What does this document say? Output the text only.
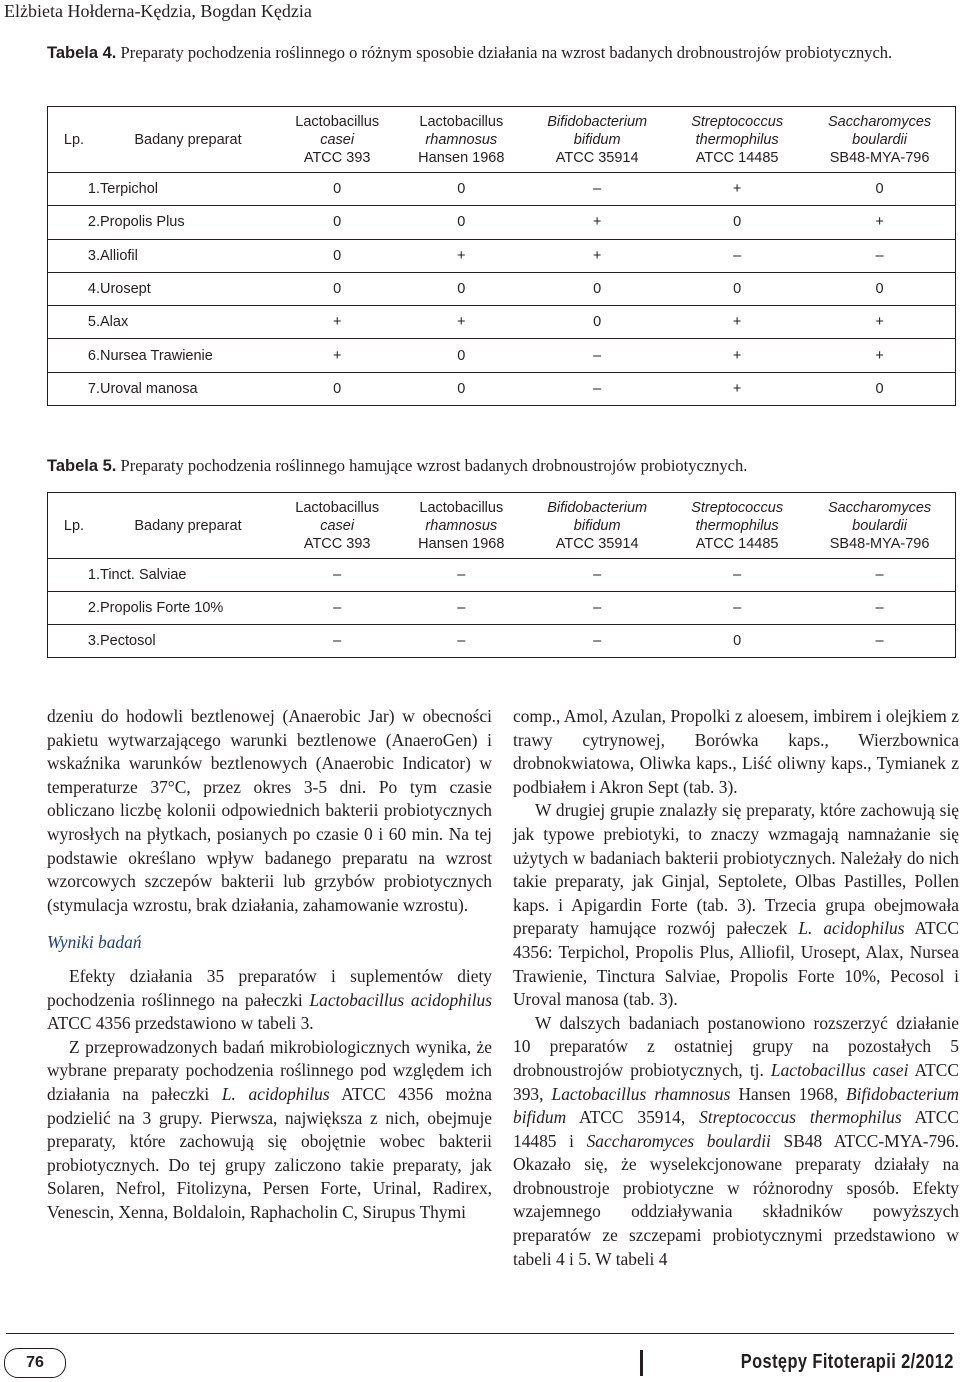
Elżbieta Hołderna-Kędzia, Bogdan Kędzia
Tabela 4. Preparaty pochodzenia roślinnego o różnym sposobie działania na wzrost badanych drobnoustrojów probiotycznych.
Lp.	Badany preparat	Lactobacillus
casei
ATCC 393	Lactobacillus
rhamnosus
Hansen 1968	Bifidobacterium
bifidum
ATCC 35914	Streptococcus
thermophilus
ATCC 14485	Saccharomyces
boulardii
SB48-MYA-796
1.	Terpichol	0	0	–	+	0
2.	Propolis Plus	0	0	+	0	+
3.	Alliofil	0	+	+	–	–
4.	Urosept	0	0	0	0	0
5.	Alax	+	+	0	+	+
6.	Nursea Trawienie	+	0	–	+	+
7.	Uroval manosa	0	0	–	+	0
Tabela 5. Preparaty pochodzenia roślinnego hamujące wzrost badanych drobnoustrojów probiotycznych.
Lp.	Badany preparat	Lactobacillus
casei
ATCC 393	Lactobacillus
rhamnosus
Hansen 1968	Bifidobacterium
bifidum
ATCC 35914	Streptococcus
thermophilus
ATCC 14485	Saccharomyces
boulardii
SB48-MYA-796
1.	Tinct. Salviae	–	–	–	–	–
2.	Propolis Forte 10%	–	–	–	–	–
3.	Pectosol	–	–	–	0	–

dzeniu do hodowli beztlenowej (Anaerobic Jar) w obecności pakietu wytwarzającego warunki beztlenowe (AnaeroGen) i wskaźnika warunków beztlenowych (Anaerobic Indicator) w temperaturze 37°C, przez okres 3-5 dni. Po tym czasie obliczano liczbę kolonii odpowiednich bakterii probiotycznych wyrosłych na płytkach, posianych po czasie 0 i 60 min. Na tej podstawie określano wpływ badanego preparatu na wzrost wzorcowych szczepów bakterii lub grzybów probiotycznych (stymulacja wzrostu, brak działania, zahamowanie wzrostu).

Wyniki badań

Efekty działania 35 preparatów i suplementów diety pochodzenia roślinnego na pałeczki Lactobacillus acidophilus ATCC 4356 przedstawiono w tabeli 3.

Z przeprowadzonych badań mikrobiologicznych wynika, że wybrane preparaty pochodzenia roślinnego pod względem ich działania na pałeczki L. acidophilus ATCC 4356 można podzielić na 3 grupy. Pierwsza, największa z nich, obejmuje preparaty, które zachowują się obojętnie wobec bakterii probiotycznych. Do tej grupy zaliczono takie preparaty, jak Solaren, Nefrol, Fitolizyna, Persen Forte, Urinal, Radirex, Venescin, Xenna, Boldaloin, Raphacholin C, Sirupus Thymi

comp., Amol, Azulan, Propolki z aloesem, imbirem i olejkiem z trawy cytrynowej, Borówka kaps., Wierzbownica drobnokwiatowa, Oliwka kaps., Liść oliwny kaps., Tymianek z podbiałem i Akron Sept (tab. 3).

W drugiej grupie znalazły się preparaty, które zachowują się jak typowe prebiotyki, to znaczy wzmagają namnażanie się użytych w badaniach bakterii probiotycznych. Należały do nich takie preparaty, jak Ginjal, Septolete, Olbas Pastilles, Pollen kaps. i Apigardin Forte (tab. 3). Trzecia grupa obejmowała preparaty hamujące rozwój pałeczek L. acidophilus ATCC 4356: Terpichol, Propolis Plus, Alliofil, Urosept, Alax, Nursea Trawienie, Tinctura Salviae, Propolis Forte 10%, Pecosol i Uroval manosa (tab. 3).

W dalszych badaniach postanowiono rozszerzyć działanie 10 preparatów z ostatniej grupy na pozostałych 5 drobnoustrojów probiotycznych, tj. Lactobacillus casei ATCC 393, Lactobacillus rhamnosus Hansen 1968, Bifidobacterium bifidum ATCC 35914, Streptococcus thermophilus ATCC 14485 i Saccharomyces boulardii SB48 ATCC-MYA-796. Okazało się, że wyselekcjonowane preparaty działały na drobnoustroje probiotyczne w różnorodny sposób. Efekty wzajemnego oddziaływania składników powyższych preparatów ze szczepami probiotycznymi przedstawiono w tabeli 4 i 5. W tabeli 4

76	Postępy Fitoterapii 2/2012
